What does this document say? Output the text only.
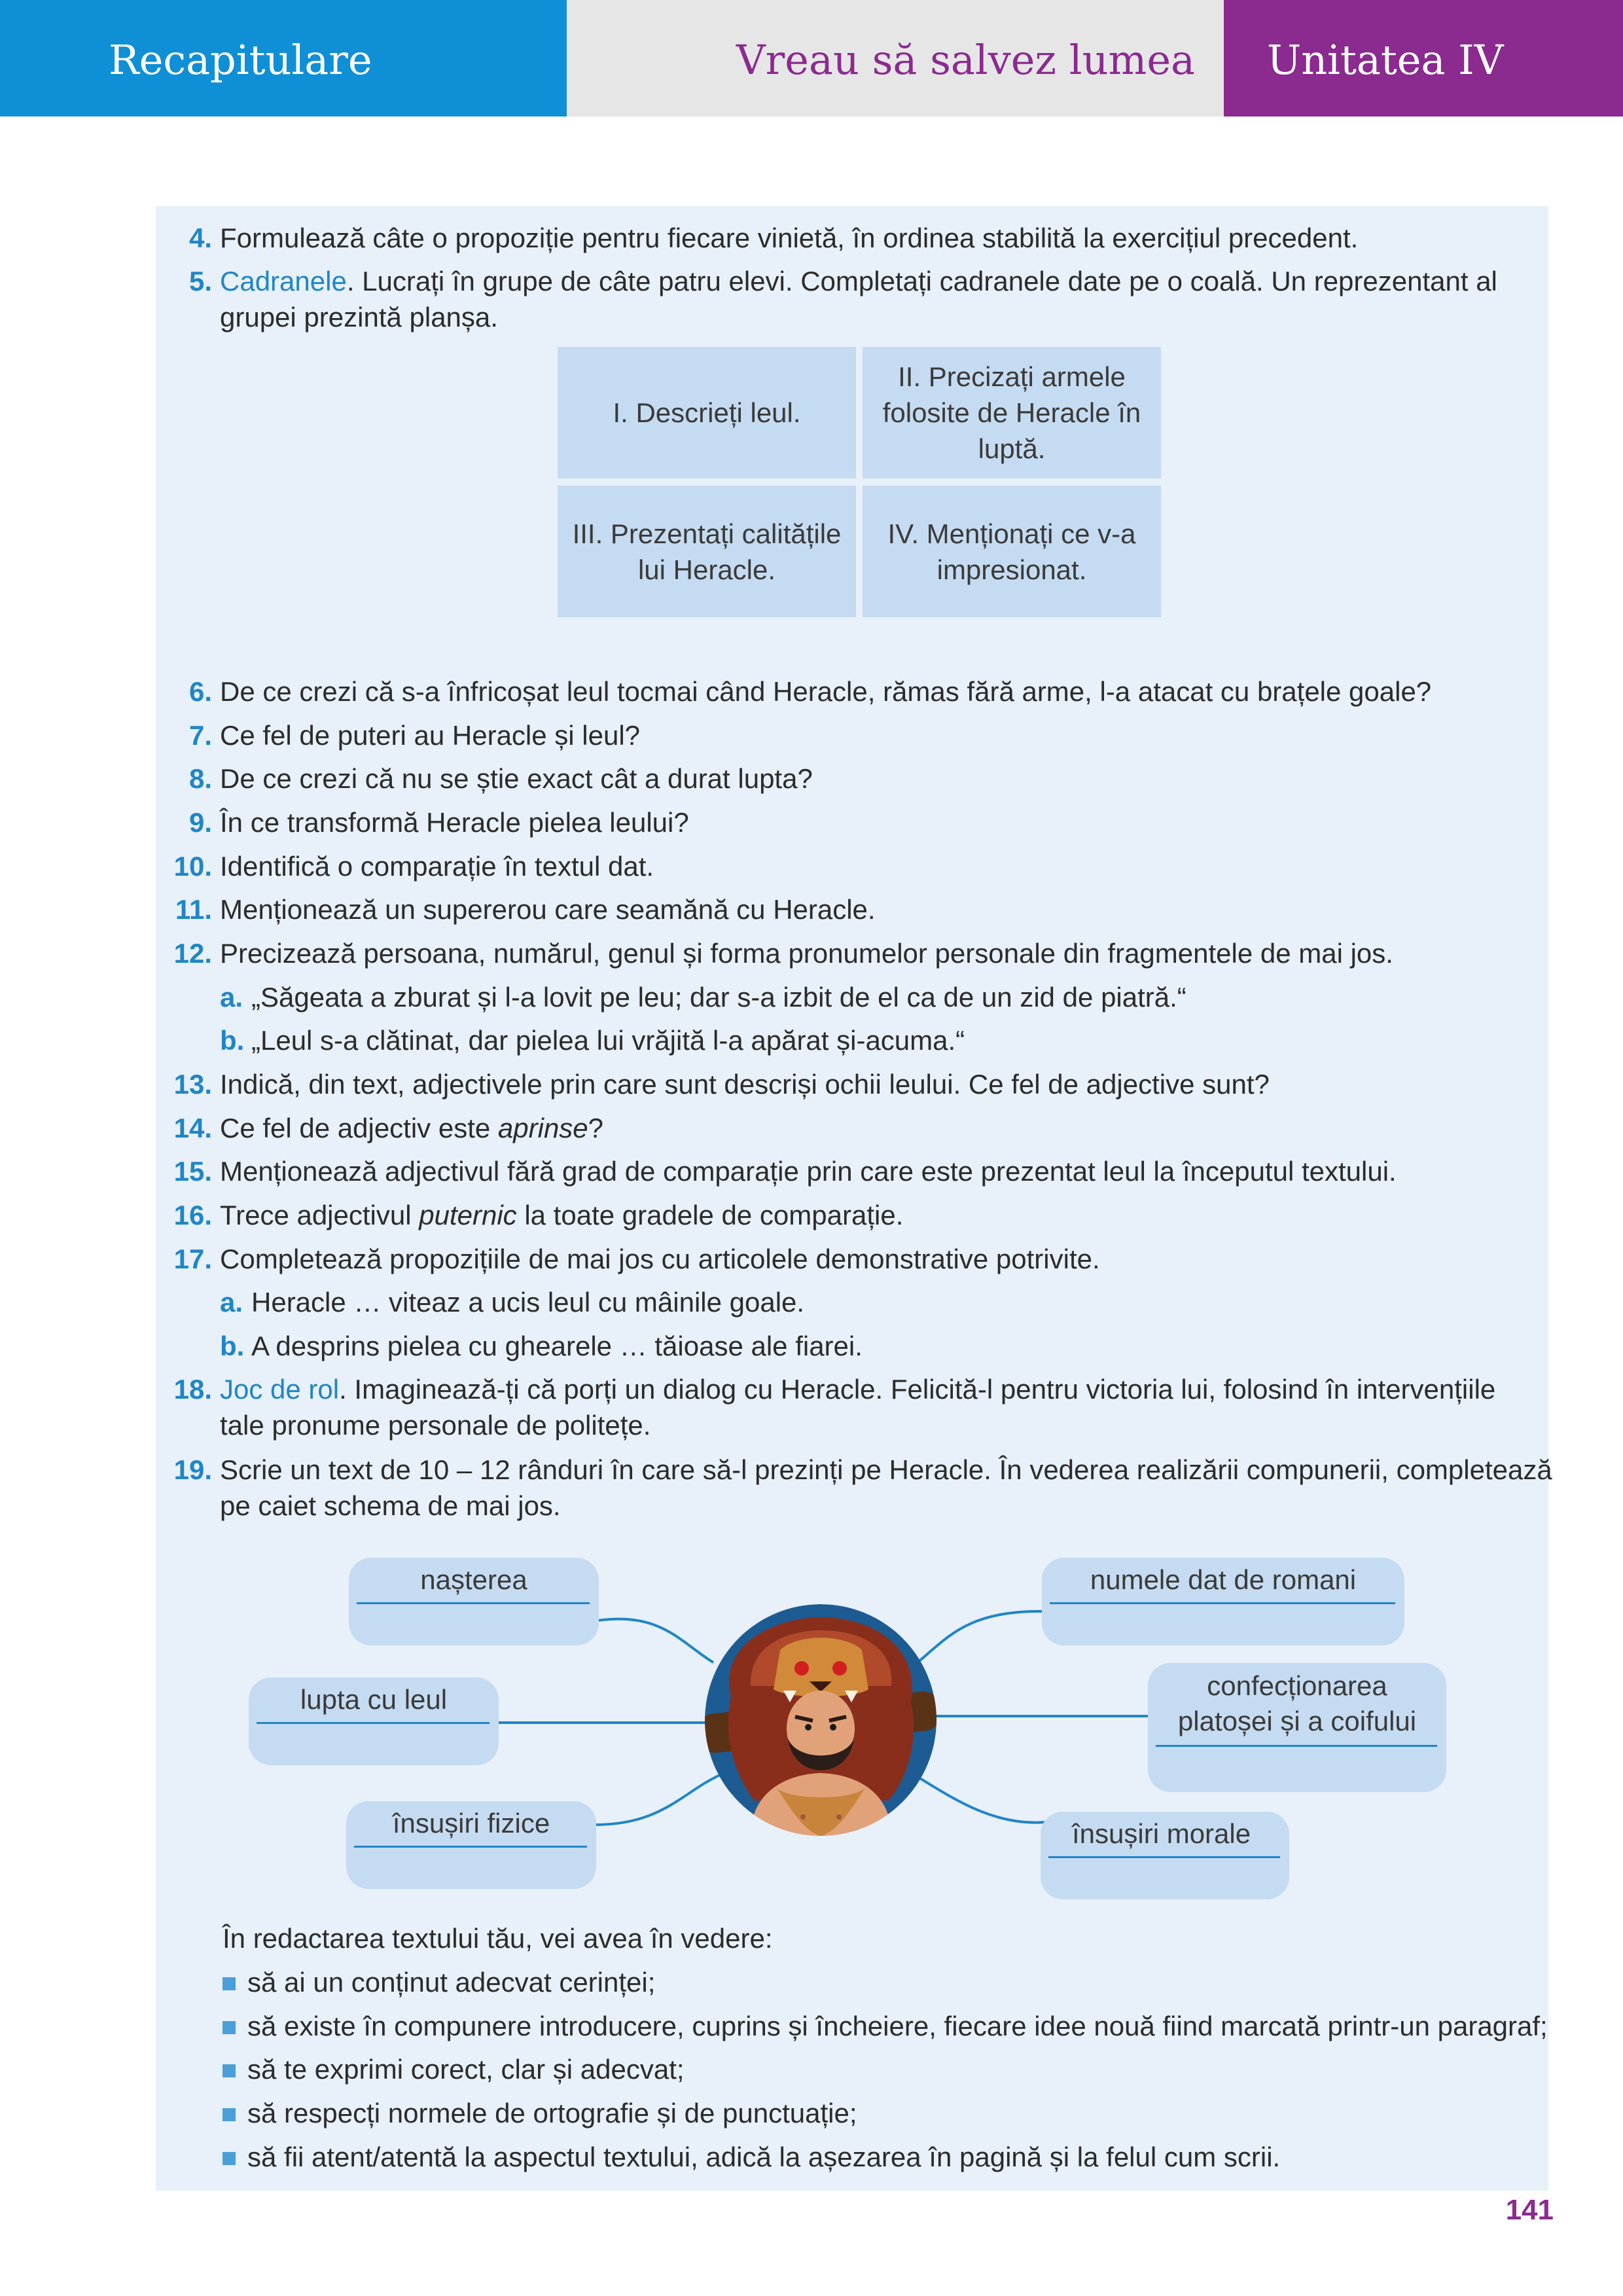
Recapitulare	Vreau să salvez lumea Unitatea IV
4. Formulează câte o propoziție pentru fiecare vinietă, în ordinea stabilită la exercițiul precedent.
5. Cadranele. Lucrați în grupe de câte patru elevi. Completați cadranele date pe o coală. Un reprezentant al
grupei prezintă planșa.
I. Descrieți leul.
II. Precizați armele folosite de Heracle în luptă.
III. Prezentați calitățile lui Heracle.
IV. Menționați ce v-a impresionat.
6. De ce crezi că s-a înfricoșat leul tocmai când Heracle, rămas fără arme, l-a atacat cu brațele goale?
7. Ce fel de puteri au Heracle și leul?
8. De ce crezi că nu se știe exact cât a durat lupta?
9. În ce transformă Heracle pielea leului?
10. Identifică o comparație în textul dat.
11. Menționează un supererou care seamănă cu Heracle.
12. Precizează persoana, numărul, genul și forma pronumelor personale din fragmentele de mai jos.
a. „Săgeata a zburat și l-a lovit pe leu; dar s-a izbit de el ca de un zid de piatră.“
b. „Leul s-a clătinat, dar pielea lui vrăjită l-a apărat și-acuma.“
13. Indică, din text, adjectivele prin care sunt descriși ochii leului. Ce fel de adjective sunt?
14. Ce fel de adjectiv este aprinse?
15. Menționează adjectivul fără grad de comparație prin care este prezentat leul la începutul textului.
16. Trece adjectivul puternic la toate gradele de comparație.
17. Completează propozițiile de mai jos cu articolele demonstrative potrivite.
a. Heracle … viteaz a ucis leul cu mâinile goale.
b. A desprins pielea cu ghearele … tăioase ale fiarei.
18. Joc de rol. Imaginează-ți că porți un dialog cu Heracle. Felicită-l pentru victoria lui, folosind în intervențiile
tale pronume personale de politețe.
19. Scrie un text de 10 – 12 rânduri în care să-l prezinți pe Heracle. În vederea realizării compunerii, completează
pe caiet schema de mai jos.
nașterea
lupta cu leul
însușiri fizice
numele dat de romani
confecționarea
platoșei și a coifului
însușiri morale
În redactarea textului tău, vei avea în vedere:
să ai un conținut adecvat cerinței;
să existe în compunere introducere, cuprins și încheiere, fiecare idee nouă fiind marcată printr-un paragraf;
să te exprimi corect, clar și adecvat;
să respecți normele de ortografie și de punctuație;
să fii atent/atentă la aspectul textului, adică la așezarea în pagină și la felul cum scrii.
141
